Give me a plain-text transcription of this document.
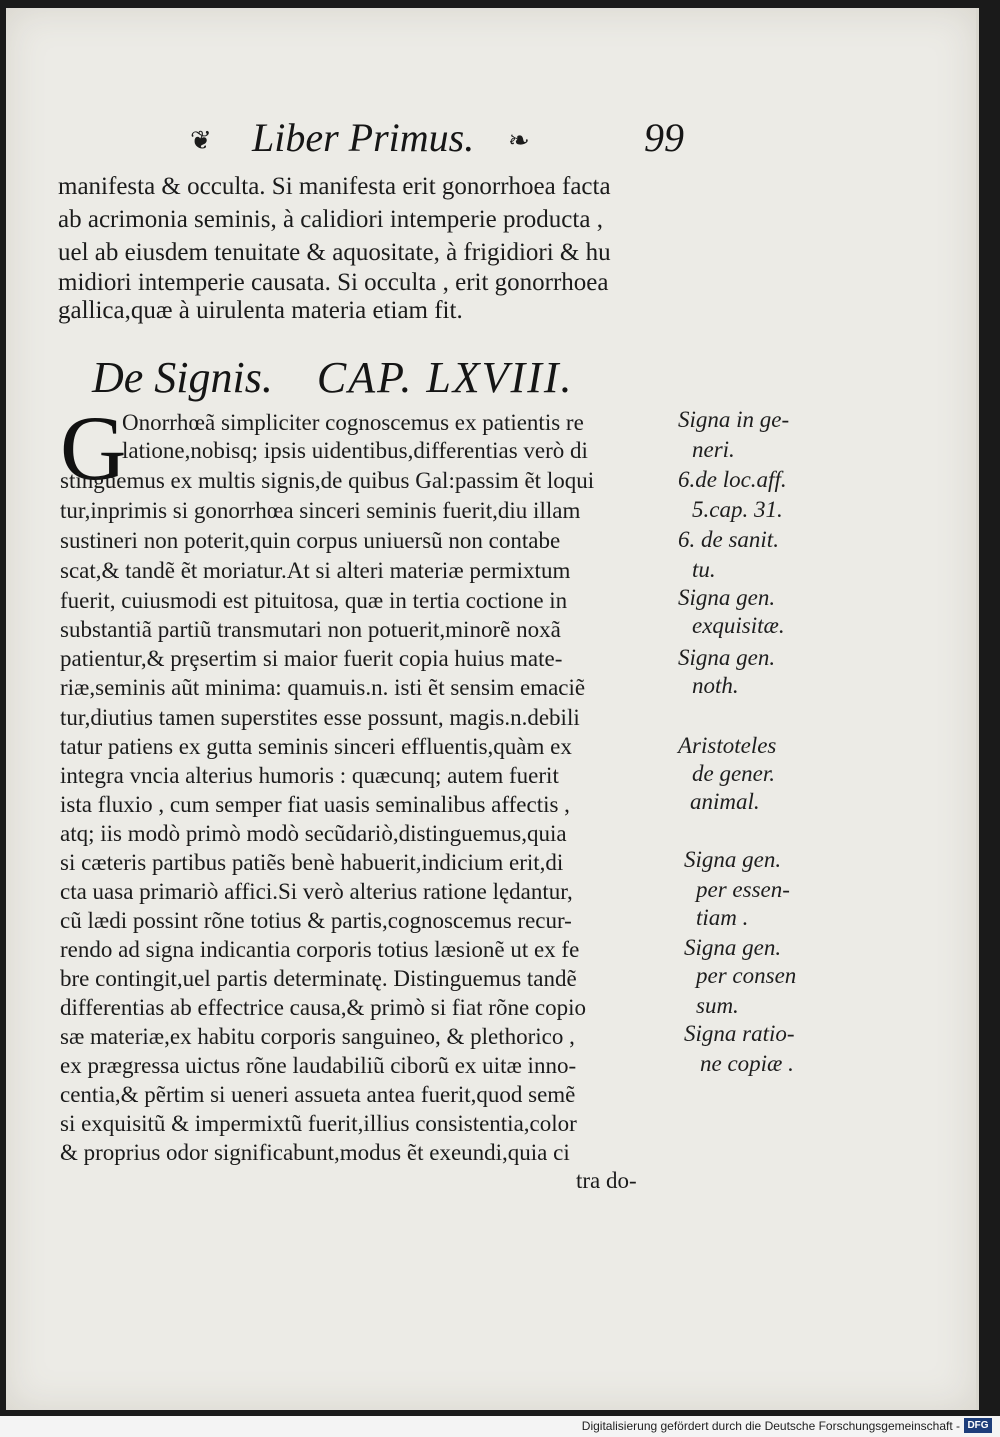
❦ Liber Primus. ❧	99
manifesta & occulta. Si manifesta erit gonorrhoea facta
ab acrimonia seminis, à calidiori intemperie producta ,
uel ab eiusdem tenuitate & aquositate, à frigidiori & hu
midiori intemperie causata. Si occulta , erit gonorrhoea
gallica,quæ à uirulenta materia etiam fit.
De Signis. CAP. LXVIII.
G
Onorrhœã simpliciter cognoscemus ex patientis re
latione,nobisq; ipsis uidentibus,differentias verò di
stinguemus ex multis signis,de quibus Gal:passim ẽt loqui
tur,inprimis si gonorrhœa sinceri seminis fuerit,diu illam
sustineri non poterit,quin corpus uniuersũ non contabe
scat,& tandẽ ẽt moriatur.At si alteri materiæ permixtum
fuerit, cuiusmodi est pituitosa, quæ in tertia coctione in
substantiã partiũ transmutari non potuerit,minorẽ noxã
patientur,& prȩsertim si maior fuerit copia huius mate-
riæ,seminis aũt minima: quamuis.n. isti ẽt sensim emaciẽ
tur,diutius tamen superstites esse possunt, magis.n.debili
tatur patiens ex gutta seminis sinceri effluentis,quàm ex
integra vncia alterius humoris : quæcunq; autem fuerit
ista fluxio , cum semper fiat uasis seminalibus affectis ,
atq; iis modò primò modò secũdariò,distinguemus,quia
si cæteris partibus patiẽs benè habuerit,indicium erit,di
cta uasa primariò affici.Si verò alterius ratione lędantur,
cũ lædi possint rõne totius & partis,cognoscemus recur-
rendo ad signa indicantia corporis totius læsionẽ ut ex fe
bre contingit,uel partis determinatę. Distinguemus tandẽ
differentias ab effectrice causa,& primò si fiat rõne copio
sæ materiæ,ex habitu corporis sanguineo, & plethorico ,
ex prægressa uictus rõne laudabiliũ ciborũ ex uitæ inno-
centia,& pẽrtim si ueneri assueta antea fuerit,quod semẽ
si exquisitũ & impermixtũ fuerit,illius consistentia,color
& proprius odor significabunt,modus ẽt exeundi,quia ci
tra do-
Signa in ge-
neri.
6.de loc.aff.
5.cap. 31.
6. de sanit.
tu.
Signa gen.
exquisitæ.
Signa gen.
noth.
Aristoteles
de gener.
animal.
Signa gen.
per essen-
tiam .
Signa gen.
per consen
sum.
Signa ratio-
ne copiæ .
Digitalisierung gefördert durch die Deutsche Forschungsgemeinschaft - DFG
